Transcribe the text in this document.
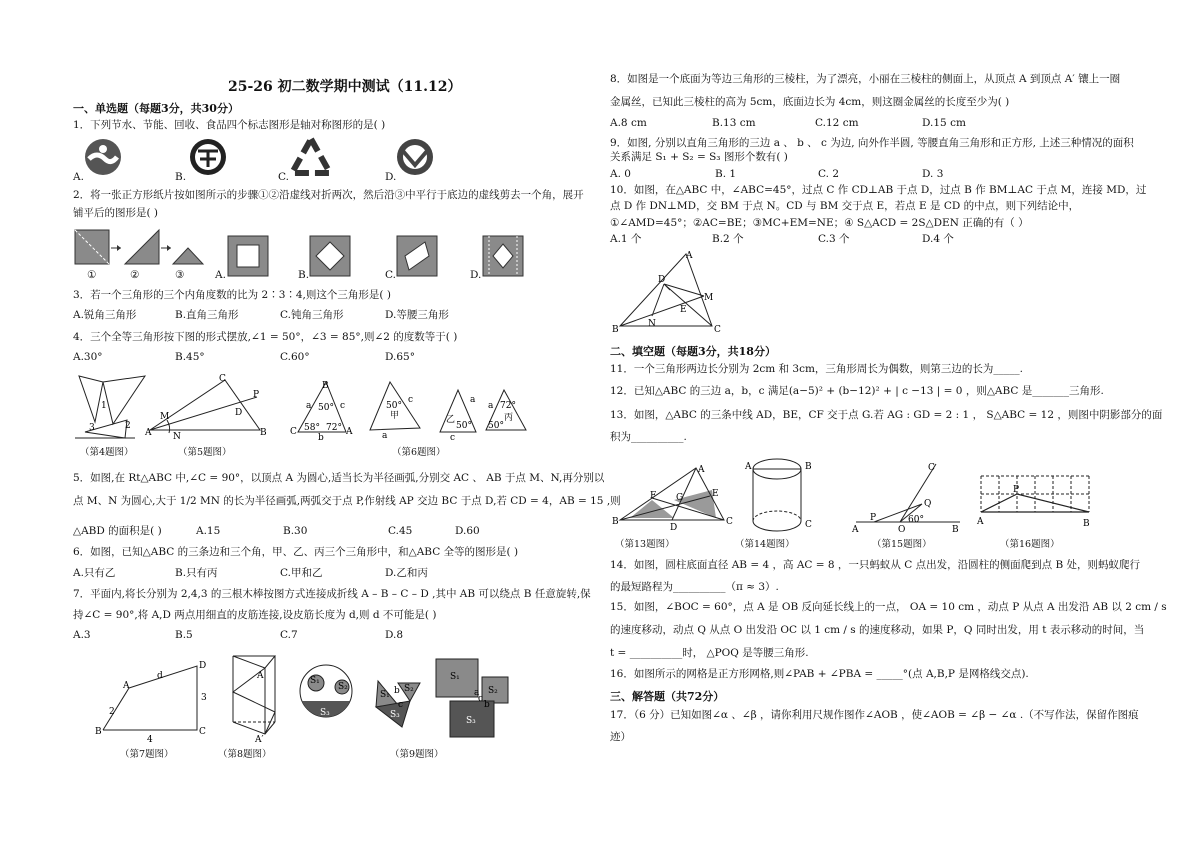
25-26 初二数学期中测试（11.12）
一、单选题（每题3分，共30分）
1．下列节水、节能、回收、食品四个标志图形是轴对称图形的是( )
A.	B.	C.	D.
2．将一张正方形纸片按如图所示的步骤①②沿虚线对折两次，然后沿③中平行于底边的虚线剪去一个角，展开
铺平后的图形是( )
①	②	③	A.	B.	C.	D.
3．若一个三角形的三个内角度数的比为 2∶3∶4,则这个三角形是( )
A.锐角三角形	B.直角三角形	C.钝角三角形	D.等腰三角形
4．三个全等三角形按下图的形式摆放,∠1 = 50°，∠3 = 85°,则∠2 的度数等于( )
A.30°	B.45°	C.60°	D.65°
1
3	2
A	B
C
D
M
N
P
B
C	A
50°
58° 72°
a	c
b
50°
甲
a
c
乙
50°
a
c
72°
丙
50°
a
（第4题图）	（第5题图）	（第6题图）
5．如图,在 Rt△ABC 中,∠C = 90°，以顶点 A 为圆心,适当长为半径画弧,分别交 AC 、 AB 于点 M、N,再分别以
点 M、N 为圆心,大于 1/2 MN 的长为半径画弧,两弧交于点 P,作射线 AP 交边 BC 于点 D,若 CD = 4，AB = 15 ,则
△ABD 的面积是( )	A.15	B.30	C.45	D.60
6．如图，已知△ABC 的三条边和三个角，甲、乙、丙三个三角形中，和△ABC 全等的图形是( )
A.只有乙	B.只有丙	C.甲和乙	D.乙和丙
7．平面内,将长分别为 2,4,3 的三根木棒按图方式连接成折线 A – B – C – D ,其中 AB 可以绕点 B 任意旋转,保
持∠C = 90°,将 A,D 两点用细直的皮筋连接,设皮筋长度为 d,则 d 不可能是( )
A.3	B.5	C.7	D.8
B
A
C
D
d
2
4
3
A
A′
S₁
S₂
S₃
S₁
S₂
S₃
b
c
S₁
S₂
S₃
a
b
c
（第7题图）	（第8题图）	（第9题图）
8．如图是一个底面为等边三角形的三棱柱，为了漂亮，小丽在三棱柱的侧面上，从顶点 A 到顶点 A′ 镶上一圈
金属丝，已知此三棱柱的高为 5cm，底面边长为 4cm，则这圈金属丝的长度至少为( )
A.8 cm	B.13 cm	C.12 cm	D.15 cm
9．如图, 分别以直角三角形的三边 a 、 b 、 c 为边, 向外作半圆, 等腰直角三角形和正方形, 上述三种情况的面积
关系满足 S₁ + S₂ = S₃ 图形个数有( )
A. 0	B. 1	C. 2	D. 3
10．如图，在△ABC 中，∠ABC=45°，过点 C 作 CD⊥AB 于点 D，过点 B 作 BM⊥AC 于点 M，连接 MD，过
点 D 作 DN⊥MD，交 BM 于点 N。CD 与 BM 交于点 E，若点 E 是 CD 的中点，则下列结论中，
①∠AMD=45°；②AC=BE；③MC+EM=NE；④ S△ACD = 2S△DEN 正确的有（ ）
A.1 个	B.2 个	C.3 个	D.4 个
A
B	C
D
M
N
E
二、填空题（每题3分，共18分）
11．一个三角形两边长分别为 2cm 和 3cm，三角形周长为偶数，则第三边的长为_____.
12．已知△ABC 的三边 a，b，c 满足(a−5)² + (b−12)² + | c −13 | = 0 ，则△ABC 是_______三角形.
13．如图，△ABC 的三条中线 AD，BE，CF 交于点 G.若 AG : GD = 2 : 1 ， S△ABC = 12 ，则图中阴影部分的面
积为__________.
A
B	C
F G	E
D
A	B
C	A
P
O	B
C
Q
60°	A
P
B
（第13题图）	（第14题图）	（第15题图）	（第16题图）
14．如图，圆柱底面直径 AB = 4 ，高 AC = 8 ，一只蚂蚁从 C 点出发，沿圆柱的侧面爬到点 B 处，则蚂蚁爬行
的最短路程为__________（π ≈ 3）.
15．如图，∠BOC = 60°，点 A 是 OB 反向延长线上的一点， OA = 10 cm ，动点 P 从点 A 出发沿 AB 以 2 cm / s
的速度移动，动点 Q 从点 O 出发沿 OC 以 1 cm / s 的速度移动，如果 P，Q 同时出发，用 t 表示移动的时间，当
t = __________时， △POQ 是等腰三角形.
16．如图所示的网格是正方形网格,则∠PAB + ∠PBA = _____°(点 A,B,P 是网格线交点).
三、解答题（共72分）
17．（6 分）已知如图∠α 、∠β ，请你利用尺规作图作∠AOB ，使∠AOB = ∠β − ∠α .（不写作法，保留作图痕
迹）
